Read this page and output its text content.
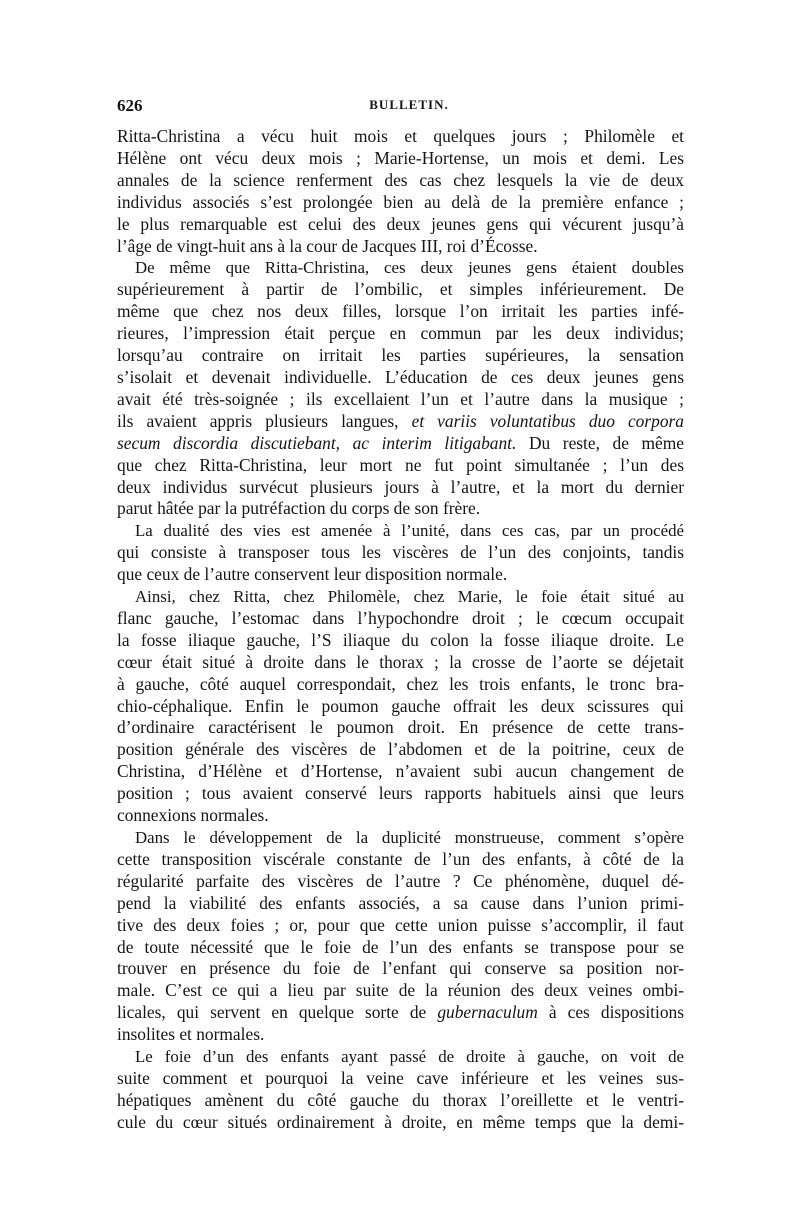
626	BULLETIN.

Ritta-Christina a vécu huit mois et quelques jours ; Philomèle et
Hélène ont vécu deux mois ; Marie-Hortense, un mois et demi. Les
annales de la science renferment des cas chez lesquels la vie de deux
individus associés s’est prolongée bien au delà de la première enfance ;
le plus remarquable est celui des deux jeunes gens qui vécurent jusqu’à
l’âge de vingt-huit ans à la cour de Jacques III, roi d’Écosse.

De même que Ritta-Christina, ces deux jeunes gens étaient doubles
supérieurement à partir de l’ombilic, et simples inférieurement. De
même que chez nos deux filles, lorsque l’on irritait les parties infé-
rieures, l’impression était perçue en commun par les deux individus;
lorsqu’au contraire on irritait les parties supérieures, la sensation
s’isolait et devenait individuelle. L’éducation de ces deux jeunes gens
avait été très-soignée ; ils excellaient l’un et l’autre dans la musique ;
ils avaient appris plusieurs langues, et variis voluntatibus duo corpora
secum discordia discutiebant, ac interim litigabant. Du reste, de même
que chez Ritta-Christina, leur mort ne fut point simultanée ; l’un des
deux individus survécut plusieurs jours à l’autre, et la mort du dernier
parut hâtée par la putréfaction du corps de son frère.

La dualité des vies est amenée à l’unité, dans ces cas, par un procédé
qui consiste à transposer tous les viscères de l’un des conjoints, tandis
que ceux de l’autre conservent leur disposition normale.

Ainsi, chez Ritta, chez Philomèle, chez Marie, le foie était situé au
flanc gauche, l’estomac dans l’hypochondre droit ; le cœcum occupait
la fosse iliaque gauche, l’S iliaque du colon la fosse iliaque droite. Le
cœur était situé à droite dans le thorax ; la crosse de l’aorte se déjetait
à gauche, côté auquel correspondait, chez les trois enfants, le tronc bra-
chio-céphalique. Enfin le poumon gauche offrait les deux scissures qui
d’ordinaire caractérisent le poumon droit. En présence de cette trans-
position générale des viscères de l’abdomen et de la poitrine, ceux de
Christina, d’Hélène et d’Hortense, n’avaient subi aucun changement de
position ; tous avaient conservé leurs rapports habituels ainsi que leurs
connexions normales.

Dans le développement de la duplicité monstrueuse, comment s’opère
cette transposition viscérale constante de l’un des enfants, à côté de la
régularité parfaite des viscères de l’autre ? Ce phénomène, duquel dé-
pend la viabilité des enfants associés, a sa cause dans l’union primi-
tive des deux foies ; or, pour que cette union puisse s’accomplir, il faut
de toute nécessité que le foie de l’un des enfants se transpose pour se
trouver en présence du foie de l’enfant qui conserve sa position nor-
male. C’est ce qui a lieu par suite de la réunion des deux veines ombi-
licales, qui servent en quelque sorte de gubernaculum à ces dispositions
insolites et normales.

Le foie d’un des enfants ayant passé de droite à gauche, on voit de
suite comment et pourquoi la veine cave inférieure et les veines sus-
hépatiques amènent du côté gauche du thorax l’oreillette et le ventri-
cule du cœur situés ordinairement à droite, en même temps que la demi-
